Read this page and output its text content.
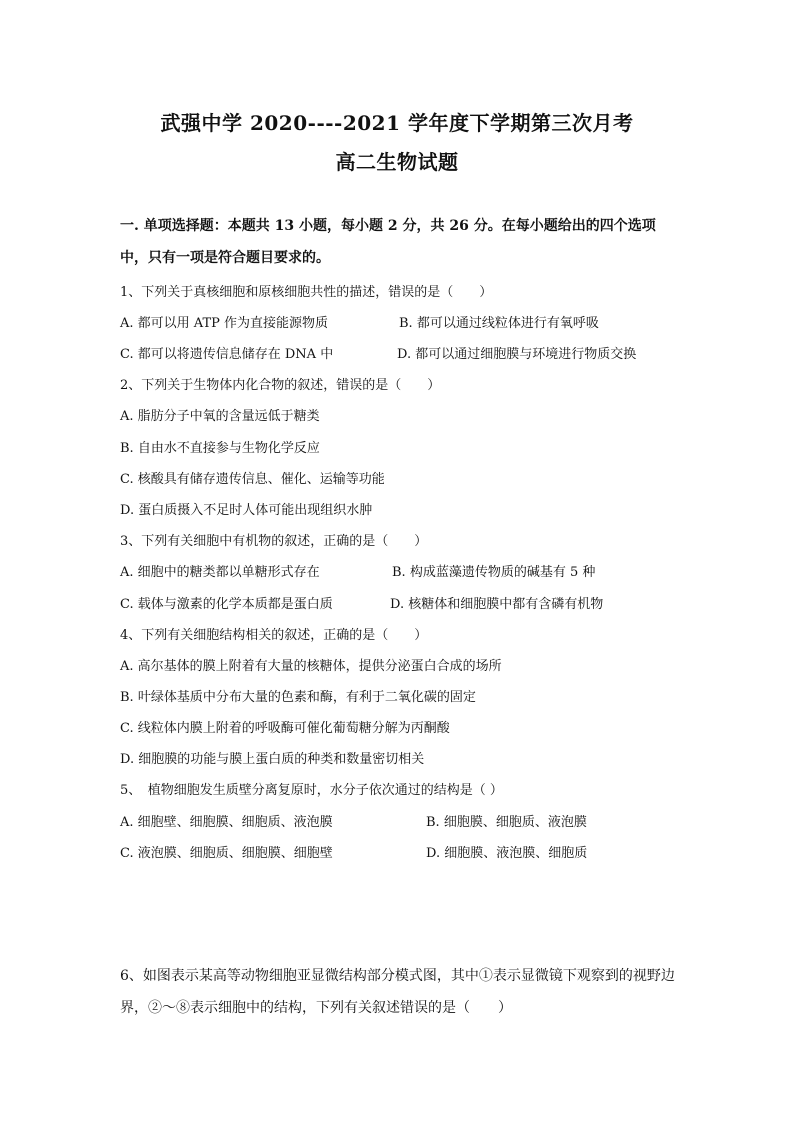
武强中学 2020----2021 学年度下学期第三次月考
高二生物试题
一. 单项选择题：本题共 13 小题，每小题 2 分，共 26 分。在每小题给出的四个选项中，只有一项是符合题目要求的。
1、下列关于真核细胞和原核细胞共性的描述，错误的是（　　）
A. 都可以用 ATP 作为直接能源物质	B. 都可以通过线粒体进行有氧呼吸
C. 都可以将遗传信息储存在 DNA 中	D. 都可以通过细胞膜与环境进行物质交换
2、下列关于生物体内化合物的叙述，错误的是（　　）
A. 脂肪分子中氧的含量远低于糖类
B. 自由水不直接参与生物化学反应
C. 核酸具有储存遗传信息、催化、运输等功能
D. 蛋白质摄入不足时人体可能出现组织水肿
3、下列有关细胞中有机物的叙述，正确的是（　　）
A. 细胞中的糖类都以单糖形式存在	B. 构成蓝藻遗传物质的碱基有 5 种
C. 载体与激素的化学本质都是蛋白质	D. 核糖体和细胞膜中都有含磷有机物
4、下列有关细胞结构相关的叙述，正确的是（　　）
A. 高尔基体的膜上附着有大量的核糖体，提供分泌蛋白合成的场所
B. 叶绿体基质中分布大量的色素和酶，有利于二氧化碳的固定
C. 线粒体内膜上附着的呼吸酶可催化葡萄糖分解为丙酮酸
D. 细胞膜的功能与膜上蛋白质的种类和数量密切相关
5、　植物细胞发生质壁分离复原时，水分子依次通过的结构是（ ）
A. 细胞壁、细胞膜、细胞质、液泡膜	B. 细胞膜、细胞质、液泡膜
C. 液泡膜、细胞质、细胞膜、细胞壁	D. 细胞膜、液泡膜、细胞质
6、如图表示某高等动物细胞亚显微结构部分模式图，其中①表示显微镜下观察到的视野边界，②～⑧表示细胞中的结构，下列有关叙述错误的是（　　）
